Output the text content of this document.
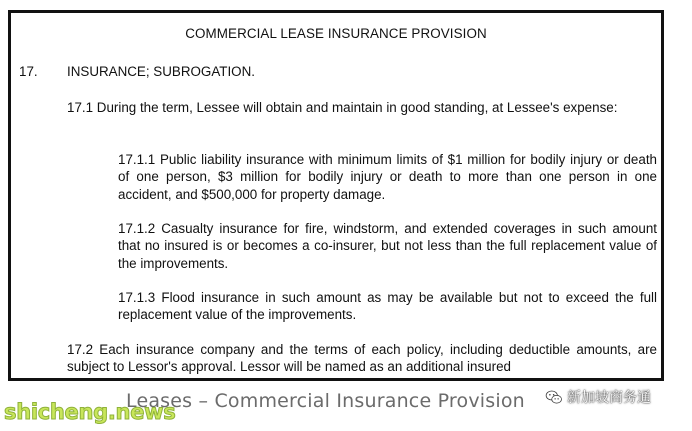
COMMERCIAL LEASE INSURANCE PROVISION
17. INSURANCE; SUBROGATION.
17.1 During the term, Lessee will obtain and maintain in good standing, at Lessee's expense:
17.1.1 Public liability insurance with minimum limits of $1 million for bodily injury or death of one person, $3 million for bodily injury or death to more than one person in one accident, and $500,000 for property damage.
17.1.2 Casualty insurance for fire, windstorm, and extended coverages in such amount that no insured is or becomes a co-insurer, but not less than the full replacement value of the improvements.
17.1.3 Flood insurance in such amount as may be available but not to exceed the full replacement value of the improvements.
17.2 Each insurance company and the terms of each policy, including deductible amounts, are subject to Lessor's approval. Lessor will be named as an additional insured
Leases – Commercial Insurance Provision
shicheng.news
新加坡商务通
